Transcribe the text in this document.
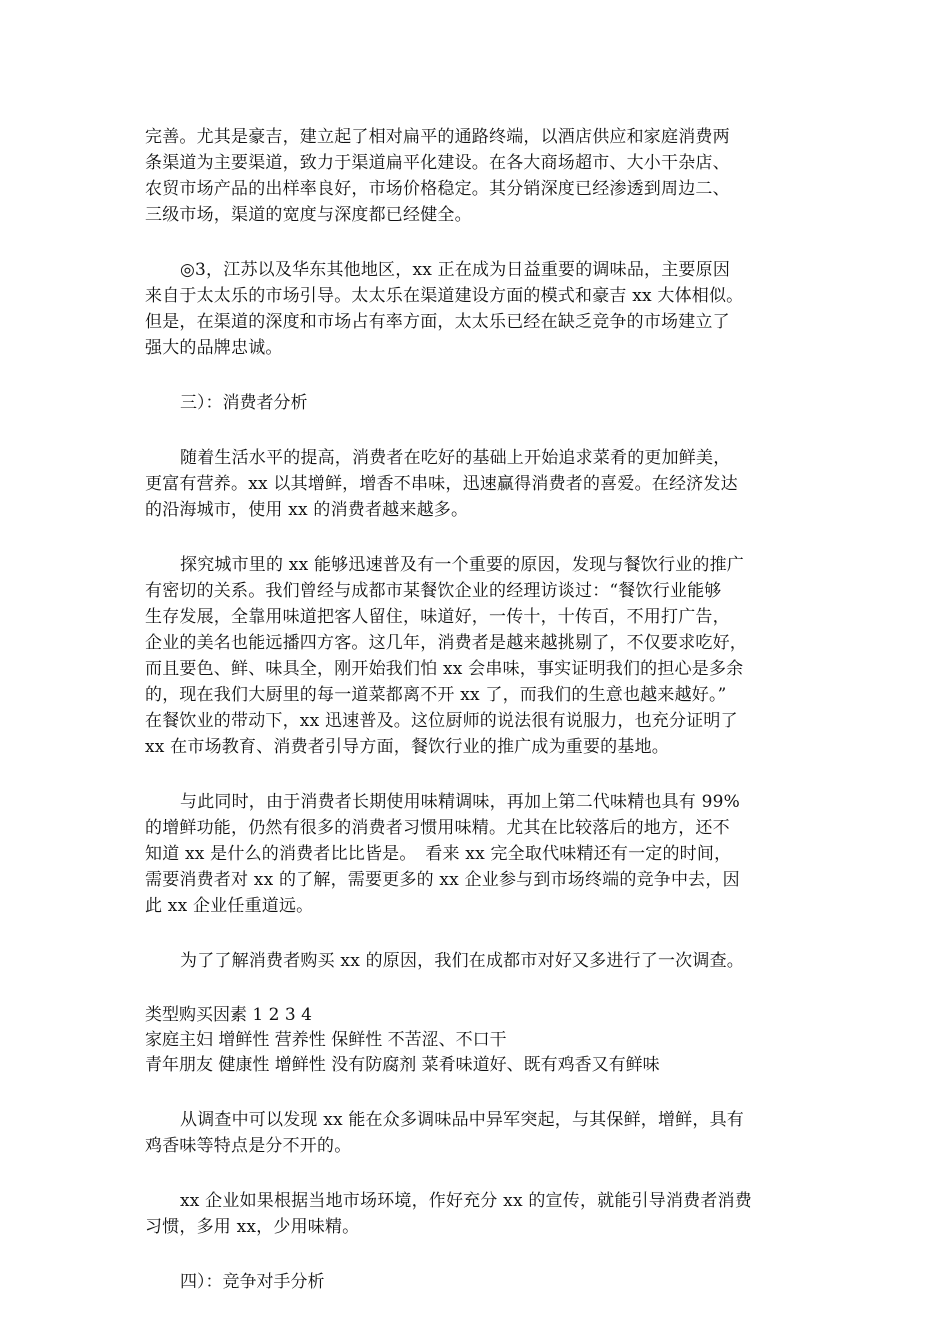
完善。尤其是豪吉，建立起了相对扁平的通路终端，以酒店供应和家庭消费两
条渠道为主要渠道，致力于渠道扁平化建设。在各大商场超市、大小干杂店、
农贸市场产品的出样率良好，市场价格稳定。其分销深度已经渗透到周边二、
三级市场，渠道的宽度与深度都已经健全。

◎3，江苏以及华东其他地区，xx 正在成为日益重要的调味品，主要原因
来自于太太乐的市场引导。太太乐在渠道建设方面的模式和豪吉 xx 大体相似。
但是，在渠道的深度和市场占有率方面，太太乐已经在缺乏竞争的市场建立了
强大的品牌忠诚。

三）：消费者分析

随着生活水平的提高，消费者在吃好的基础上开始追求菜肴的更加鲜美，
更富有营养。xx 以其增鲜，增香不串味，迅速赢得消费者的喜爱。在经济发达
的沿海城市，使用 xx 的消费者越来越多。

探究城市里的 xx 能够迅速普及有一个重要的原因，发现与餐饮行业的推广
有密切的关系。我们曾经与成都市某餐饮企业的经理访谈过：“餐饮行业能够
生存发展，全靠用味道把客人留住，味道好，一传十，十传百，不用打广告，
企业的美名也能远播四方客。这几年，消费者是越来越挑剔了，不仅要求吃好，
而且要色、鲜、味具全，刚开始我们怕 xx 会串味，事实证明我们的担心是多余
的，现在我们大厨里的每一道菜都离不开 xx 了，而我们的生意也越来越好。”
在餐饮业的带动下，xx 迅速普及。这位厨师的说法很有说服力，也充分证明了
xx 在市场教育、消费者引导方面，餐饮行业的推广成为重要的基地。

与此同时，由于消费者长期使用味精调味，再加上第二代味精也具有 99%
的增鲜功能，仍然有很多的消费者习惯用味精。尤其在比较落后的地方，还不
知道 xx 是什么的消费者比比皆是。　看来 xx 完全取代味精还有一定的时间，
需要消费者对 xx 的了解，需要更多的 xx 企业参与到市场终端的竞争中去，因
此 xx 企业任重道远。

为了了解消费者购买 xx 的原因，我们在成都市对好又多进行了一次调查。

类型购买因素 1 2 3 4
家庭主妇 增鲜性 营养性 保鲜性 不苦涩、不口干
青年朋友 健康性 增鲜性 没有防腐剂 菜肴味道好、既有鸡香又有鲜味

从调查中可以发现 xx 能在众多调味品中异军突起，与其保鲜，增鲜，具有
鸡香味等特点是分不开的。

xx 企业如果根据当地市场环境，作好充分 xx 的宣传，就能引导消费者消费
习惯，多用 xx，少用味精。

四）：竞争对手分析
